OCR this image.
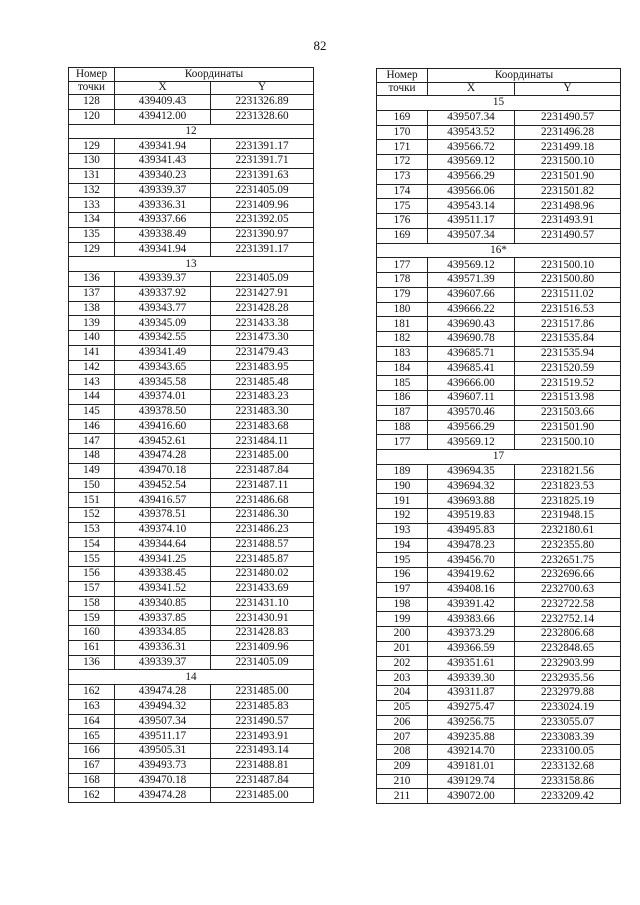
82
Номер	Координаты	
точки	X	Y
128	439409.43	2231326.89
120	439412.00	2231328.60
12		
129	439341.94	2231391.17
130	439341.43	2231391.71
131	439340.23	2231391.63
132	439339.37	2231405.09
133	439336.31	2231409.96
134	439337.66	2231392.05
135	439338.49	2231390.97
129	439341.94	2231391.17
13		
136	439339.37	2231405.09
137	439337.92	2231427.91
138	439343.77	2231428.28
139	439345.09	2231433.38
140	439342.55	2231473.30
141	439341.49	2231479.43
142	439343.65	2231483.95
143	439345.58	2231485.48
144	439374.01	2231483.23
145	439378.50	2231483.30
146	439416.60	2231483.68
147	439452.61	2231484.11
148	439474.28	2231485.00
149	439470.18	2231487.84
150	439452.54	2231487.11
151	439416.57	2231486.68
152	439378.51	2231486.30
153	439374.10	2231486.23
154	439344.64	2231488.57
155	439341.25	2231485.87
156	439338.45	2231480.02
157	439341.52	2231433.69
158	439340.85	2231431.10
159	439337.85	2231430.91
160	439334.85	2231428.83
161	439336.31	2231409.96
136	439339.37	2231405.09
14		
162	439474.28	2231485.00
163	439494.32	2231485.83
164	439507.34	2231490.57
165	439511.17	2231493.91
166	439505.31	2231493.14
167	439493.73	2231488.81
168	439470.18	2231487.84
162	439474.28	2231485.00
Номер	Координаты	
точки	X	Y
15		
169	439507.34	2231490.57
170	439543.52	2231496.28
171	439566.72	2231499.18
172	439569.12	2231500.10
173	439566.29	2231501.90
174	439566.06	2231501.82
175	439543.14	2231498.96
176	439511.17	2231493.91
169	439507.34	2231490.57
16*		
177	439569.12	2231500.10
178	439571.39	2231500.80
179	439607.66	2231511.02
180	439666.22	2231516.53
181	439690.43	2231517.86
182	439690.78	2231535.84
183	439685.71	2231535.94
184	439685.41	2231520.59
185	439666.00	2231519.52
186	439607.11	2231513.98
187	439570.46	2231503.66
188	439566.29	2231501.90
177	439569.12	2231500.10
17		
189	439694.35	2231821.56
190	439694.32	2231823.53
191	439693.88	2231825.19
192	439519.83	2231948.15
193	439495.83	2232180.61
194	439478.23	2232355.80
195	439456.70	2232651.75
196	439419.62	2232696.66
197	439408.16	2232700.63
198	439391.42	2232722.58
199	439383.66	2232752.14
200	439373.29	2232806.68
201	439366.59	2232848.65
202	439351.61	2232903.99
203	439339.30	2232935.56
204	439311.87	2232979.88
205	439275.47	2233024.19
206	439256.75	2233055.07
207	439235.88	2233083.39
208	439214.70	2233100.05
209	439181.01	2233132.68
210	439129.74	2233158.86
211	439072.00	2233209.42
